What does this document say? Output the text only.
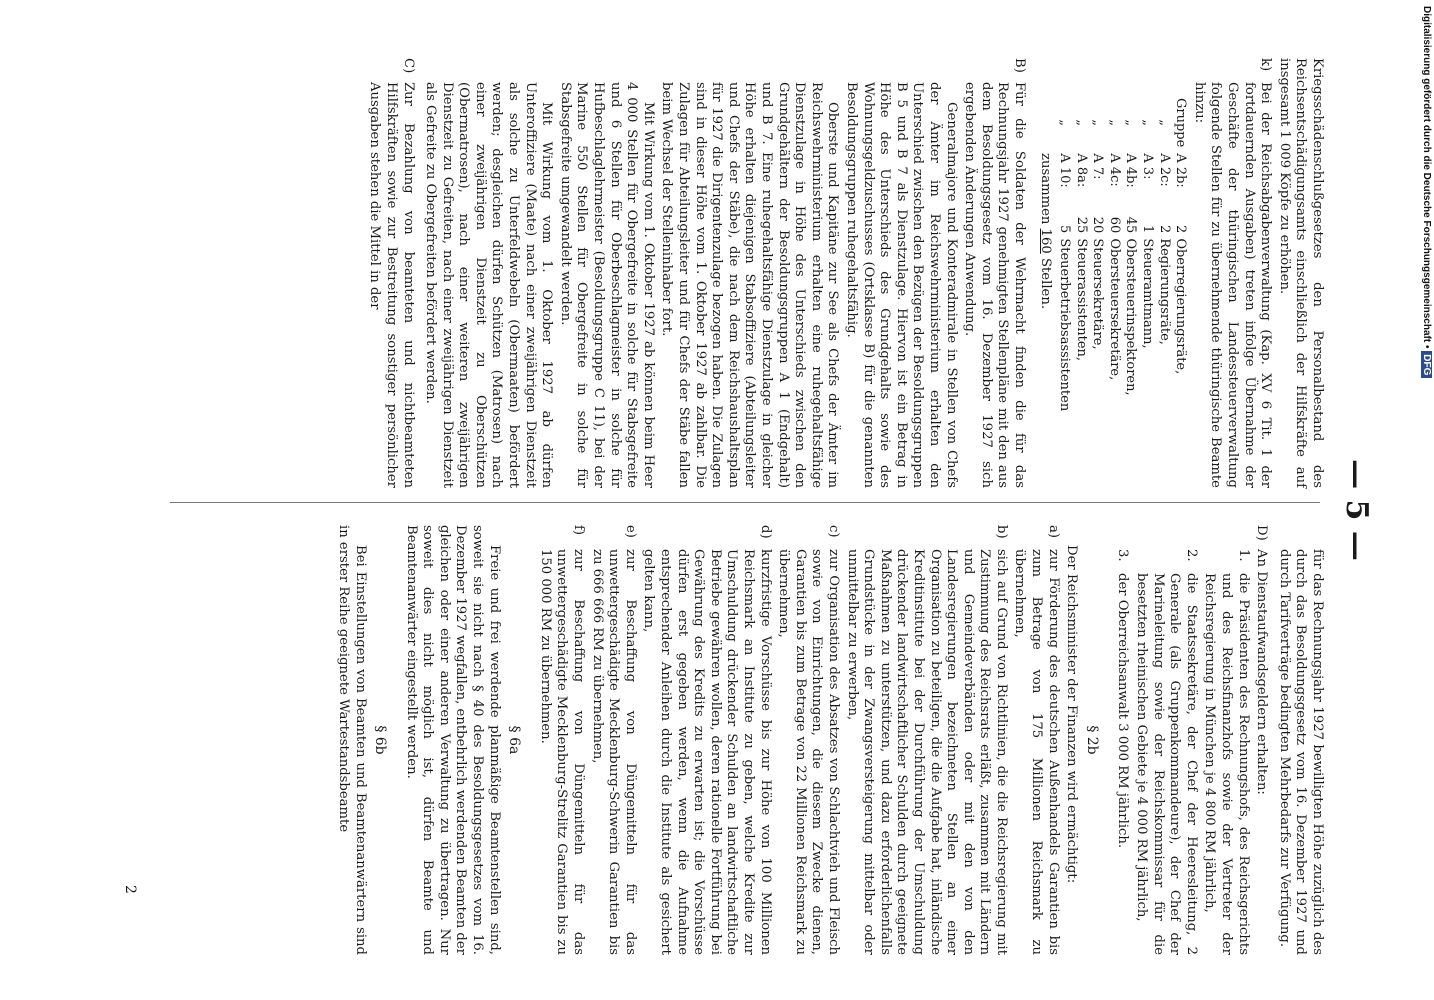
— 5 —

Kriegsschädenschlußgesetzes den Personalbestand des Reichsentschädigungsamts einschließlich der Hilfskräfte auf insgesamt 1 009 Köpfe zu erhöhen.

k)
Bei der Reichsabgabenverwaltung (Kap. XV 6 Tit. 1 der fortdauernden Ausgaben) treten infolge Übernahme der Geschäfte der thüringischen Landessteuerverwaltung folgende Stellen für zu übernehmende thüringische Beamte hinzu:
Gruppe	A 2b:	2	Oberregierungsräte,
„	A 2c:	2	Regierungsräte,
„	A 3:	1	Steueramtmann,
„	A 4b:	45	Obersteuerinspektoren,
„	A 4c:	60	Obersteuersekretäre,
„	A 7:	20	Steuersekretäre,
„	A 8a:	25	Steuerassistenten,
„	A 10:	5	Steuerbetriebsassistenten
zusammen 160 Stellen.
B)
Für die Soldaten der Wehrmacht finden die für das Rechnungsjahr 1927 genehmigten Stellenpläne mit den aus dem Besoldungsgesetz vom 16. Dezember 1927 sich ergebenden Änderungen Anwendung.

Generalmajore und Konteradmirale in Stellen von Chefs der Ämter im Reichswehrministerium erhalten den Unterschied zwischen den Bezügen der Besoldungsgruppen B 5 und B 7 als Dienstzulage. Hiervon ist ein Betrag in Höhe des Unterschieds des Grundgehalts sowie des Wohnungsgeldzuschusses (Ortsklasse B) für die genannten Besoldungsgruppen ruhegehaltsfähig.

Oberste und Kapitäne zur See als Chefs der Ämter im Reichswehrministerium erhalten eine ruhegehaltsfähige Dienstzulage in Höhe des Unterschieds zwischen den Grundgehältern der Besoldungsgruppen A 1 (Endgehalt) und B 7. Eine ruhegehaltsfähige Dienstzulage in gleicher Höhe erhalten diejenigen Stabsoffiziere (Abteilungsleiter und Chefs der Stäbe), die nach dem Reichshaushaltsplan für 1927 die Dirigentenzulage bezogen haben. Die Zulagen sind in dieser Höhe vom 1. Oktober 1927 ab zahlbar. Die Zulagen für Abteilungsleiter und für Chefs der Stäbe fallen beim Wechsel der Stelleninhaber fort.

Mit Wirkung vom 1. Oktober 1927 ab können beim Heer 4 000 Stellen für Obergefreite in solche für Stabsgefreite und 6 Stellen für Oberbeschlagmeister in solche für Hufbeschlaglehrmeister (Besoldungsgruppe C 11), bei der Marine 550 Stellen für Obergefreite in solche für Stabsgefreite umgewandelt werden.

Mit Wirkung vom 1. Oktober 1927 ab dürfen Unteroffiziere (Maate) nach einer zweijährigen Dienstzeit als solche zu Unterfeldwebeln (Obermaaten) befördert werden; desgleichen dürfen Schützen (Matrosen) nach einer zweijährigen Dienstzeit zu Oberschützen (Obermatrosen), nach einer weiteren zweijährigen Dienstzeit zu Gefreiten, nach einer zweijährigen Dienstzeit als Gefreite zu Obergefreiten befördert werden.

C)
Zur Bezahlung von beamteten und nichtbeamteten Hilfskräften sowie zur Bestreitung sonstiger persönlicher Ausgaben stehen die Mittel in der

für das Rechnungsjahr 1927 bewilligten Höhe zuzüglich des durch das Besoldungsgesetz vom 16. Dezember 1927 und durch Tarifverträge bedingten Mehrbedarfs zur Verfügung.

D)
An Dienstaufwandsgeldern erhalten:
1.
die Präsidenten des Rechnungshofs, des Reichsgerichts und des Reichsfinanzhofs sowie der Vertreter der Reichsregierung in München je 4 800 RM jährlich,
2.
die Staatssekretäre, der Chef der Heeresleitung, 2 Generale (als Gruppenkommandeure), der Chef der Marineleitung sowie der Reichskommissar für die besetzten rheinischen Gebiete je 4 000 RM jährlich,
3.
der Oberreichsanwalt 3 000 RM jährlich.
§ 2b

Der Reichsminister der Finanzen wird ermächtigt:

a)
zur Förderung des deutschen Außenhandels Garantien bis zum Betrage von 175 Millionen Reichsmark zu übernehmen,
b)
sich auf Grund von Richtlinien, die die Reichsregierung mit Zustimmung des Reichsrats erläßt, zusammen mit Ländern und Gemeindeverbänden oder mit den von den Landesregierungen bezeichneten Stellen an einer Organisation zu beteiligen, die die Aufgabe hat, inländische Kreditinstitute bei der Durchführung der Umschuldung drückender landwirtschaftlicher Schulden durch geeignete Maßnahmen zu unterstützen, und dazu erforderlichenfalls Grundstücke in der Zwangsversteigerung mittelbar oder unmittelbar zu erwerben,
c)
zur Organisation des Absatzes von Schlachtvieh und Fleisch sowie von Einrichtungen, die diesem Zwecke dienen, Garantien bis zum Betrage von 22 Millionen Reichsmark zu übernehmen,
d)
kurzfristige Vorschüsse bis zur Höhe von 100 Millionen Reichsmark an Institute zu geben, welche Kredite zur Umschuldung drückender Schulden an landwirtschaftliche Betriebe gewähren wollen, deren rationelle Fortführung bei Gewährung des Kredits zu erwarten ist; die Vorschüsse dürfen erst gegeben werden, wenn die Aufnahme entsprechender Anleihen durch die Institute als gesichert gelten kann,
e)
zur Beschaffung von Düngemitteln für das unwettergeschädigte Mecklenburg-Schwerin Garantien bis zu 666 666 RM zu übernehmen,
f)
zur Beschaffung von Düngemitteln für das unwettergeschädigte Mecklenburg-Strelitz Garantien bis zu 150 000 RM zu übernehmen.
§ 6a

Freie und frei werdende planmäßige Beamtenstellen sind, soweit sie nicht nach § 40 des Besoldungsgesetzes vom 16. Dezember 1927 wegfallen, entbehrlich werdenden Beamten der gleichen oder einer anderen Verwaltung zu übertragen. Nur soweit dies nicht möglich ist, dürfen Beamte und Beamtenanwärter eingestellt werden.

§ 6b

Bei Einstellungen von Beamten und Beamtenanwärtern sind in erster Reihe geeignete Wartestandsbeamte

2
Digitalisierung gefördert durch die Deutsche Forschungsgemeinschaft • DFG
